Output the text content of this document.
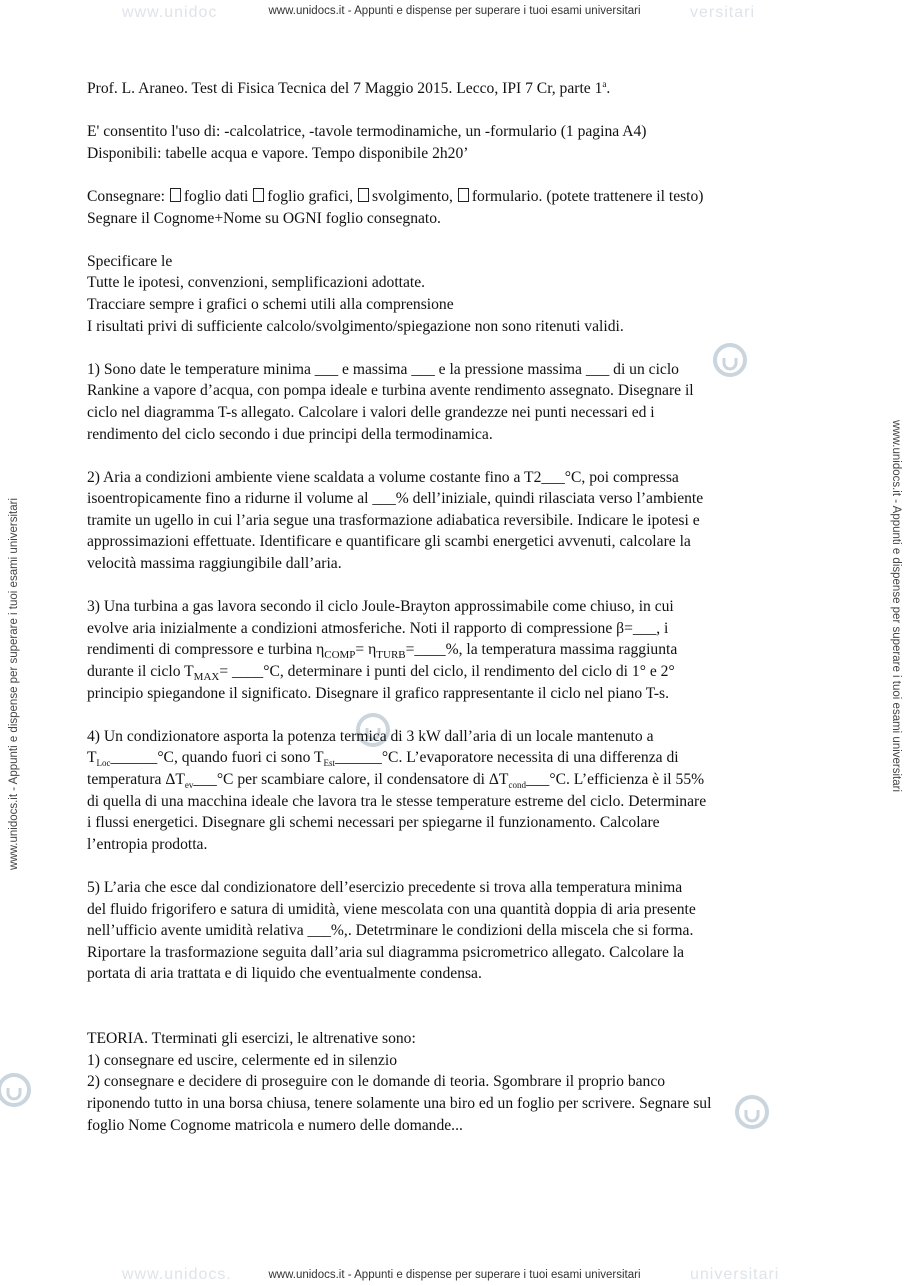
www.unidoc	versitari
www.unidocs.it - Appunti e dispense per superare i tuoi esami universitari
www.unidocs.	universitari
www.unidocs.it - Appunti e dispense per superare i tuoi esami universitari
www.unidocs.it - Appunti e dispense per superare i tuoi esami universitari	www.unidocs.it - Appunti e dispense per superare i tuoi esami universitari

Prof. L. Araneo. Test di Fisica Tecnica del 7 Maggio 2015. Lecco, IPI 7 Cr, parte 1$^a$.

E' consentito l'uso di: -calcolatrice, -tavole termodinamiche, un -formulario (1 pagina A4)

Disponibili: tabelle acqua e vapore. Tempo disponibile 2h20’

Consegnare: foglio dati foglio grafici, svolgimento, formulario. (potete trattenere il testo)

Segnare il Cognome+Nome su OGNI foglio consegnato.

Specificare le

Tutte le ipotesi, convenzioni, semplificazioni adottate.

Tracciare sempre i grafici o schemi utili alla comprensione

I risultati privi di sufficiente calcolo/svolgimento/spiegazione non sono ritenuti validi.

1) Sono date le temperature minima ___ e massima ___ e la pressione massima ___ di un ciclo
Rankine a vapore d’acqua, con pompa ideale e turbina avente rendimento assegnato. Disegnare il
ciclo nel diagramma T-s allegato. Calcolare i valori delle grandezze nei punti necessari ed i
rendimento del ciclo secondo i due principi della termodinamica.
2) Aria a condizioni ambiente viene scaldata a volume costante fino a T2___°C, poi compressa
isoentropicamente fino a ridurne il volume al ___% dell’iniziale, quindi rilasciata verso l’ambiente
tramite un ugello in cui l’aria segue una trasformazione adiabatica reversibile. Indicare le ipotesi e
approssimazioni effettuate. Identificare e quantificare gli scambi energetici avvenuti, calcolare la
velocità massima raggiungibile dall’aria.
3) Una turbina a gas lavora secondo il ciclo Joule-Brayton approssimabile come chiuso, in cui
evolve aria inizialmente a condizioni atmosferiche. Noti il rapporto di compressione β=___, i
rendimenti di compressore e turbina $\eta_{COMP}=$ $\eta_{TURB}=\_\_\_\_\%$, la temperatura massima raggiunta
durante il ciclo $T_{MAX}=$ ____°C, determinare i punti del ciclo, il rendimento del ciclo di 1° e 2°
principio spiegandone il significato. Disegnare il grafico rappresentante il ciclo nel piano T-s.
4) Un condizionatore asporta la potenza termica di 3 kW dall’aria di un locale mantenuto a
$T_{Loc}\_\_\_\_\_\_^\circ C$, quando fuori ci sono $T_{Est}\_\_\_\_\_\_^\circ C$. L’evaporatore necessita di una differenza di
temperatura $\Delta T_{ev}\_\_\_^\circ C$ per scambiare calore, il condensatore di $\Delta T_{cond}\_\_\_^\circ C$. L’efficienza è il 55%
di quella di una macchina ideale che lavora tra le stesse temperature estreme del ciclo. Determinare
i flussi energetici. Disegnare gli schemi necessari per spiegarne il funzionamento. Calcolare
l’entropia prodotta.
5) L’aria che esce dal condizionatore dell’esercizio precedente si trova alla temperatura minima
del fluido frigorifero e satura di umidità, viene mescolata con una quantità doppia di aria presente
nell’ufficio avente umidità relativa ___%,. Detetrminare le condizioni della miscela che si forma.
Riportare la trasformazione seguita dall’aria sul diagramma psicrometrico allegato. Calcolare la
portata di aria trattata e di liquido che eventualmente condensa.
TEORIA. Tterminati gli esercizi, le altrenative sono:
1) consegnare ed uscire, celermente ed in silenzio
2) consegnare e decidere di proseguire con le domande di teoria. Sgombrare il proprio banco
riponendo tutto in una borsa chiusa, tenere solamente una biro ed un foglio per scrivere. Segnare sul
foglio Nome Cognome matricola e numero delle domande...
